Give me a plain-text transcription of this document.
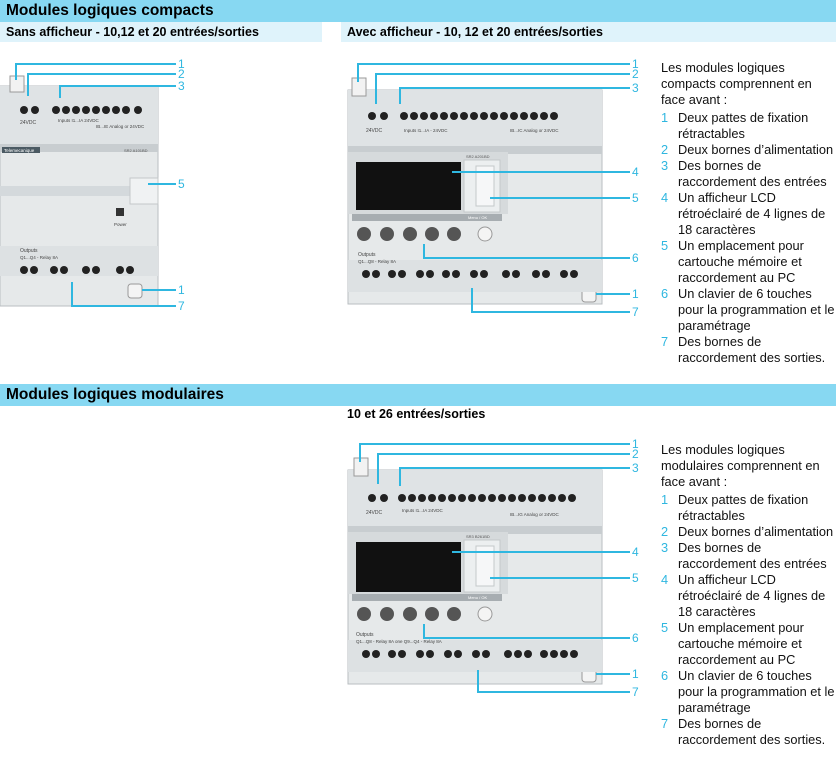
Modules logiques compacts
Sans afficheur - 10,12 et 20 entrées/sorties	Avec afficheur - 10, 12 et 20 entrées/sorties
24VDC	Inputs I1...IA 24VDC
IB...IE Analog or 24VDC
Telemecanique	SR2 A101BD
Power
Outputs
Q1...Q4 - Relay 8A
1
2
3
5
1
7
24VDC	Inputs I1...IA - 24VDC	IB...IC Analog or 24VDC
SR2 A201BD
Menu / OK
Outputs
Q1...Q8 - Relay 8A
1
2
3
4
5
6
1
7
Les modules logiques compacts comprennent en face avant :
1 Deux pattes de fixation rétractables
2 Deux bornes d’alimentation
3 Des bornes de raccordement des entrées
4 Un afficheur LCD rétroéclairé de 4 lignes de 18 caractères
5 Un emplacement pour cartouche mémoire et raccordement au PC
6 Un clavier de 6 touches pour la programmation et le paramétrage
7 Des bornes de raccordement des sorties.
Modules logiques modulaires
10 et 26 entrées/sorties
24VDC	Inputs I1...IA 24VDC
IB...IG Analog or 24VDC
SR3 B261BD
Menu / OK
Outputs
Q1...Q8 - Relay 8A one Q9...Q4 - Relay 8A
1
2
3
4
5
6
1
7
Les modules logiques modulaires comprennent en face avant :
1 Deux pattes de fixation rétractables
2 Deux bornes d’alimentation
3 Des bornes de raccordement des entrées
4 Un afficheur LCD rétroéclairé de 4 lignes de 18 caractères
5 Un emplacement pour cartouche mémoire et raccordement au PC
6 Un clavier de 6 touches pour la programmation et le paramétrage
7 Des bornes de raccordement des sorties.
